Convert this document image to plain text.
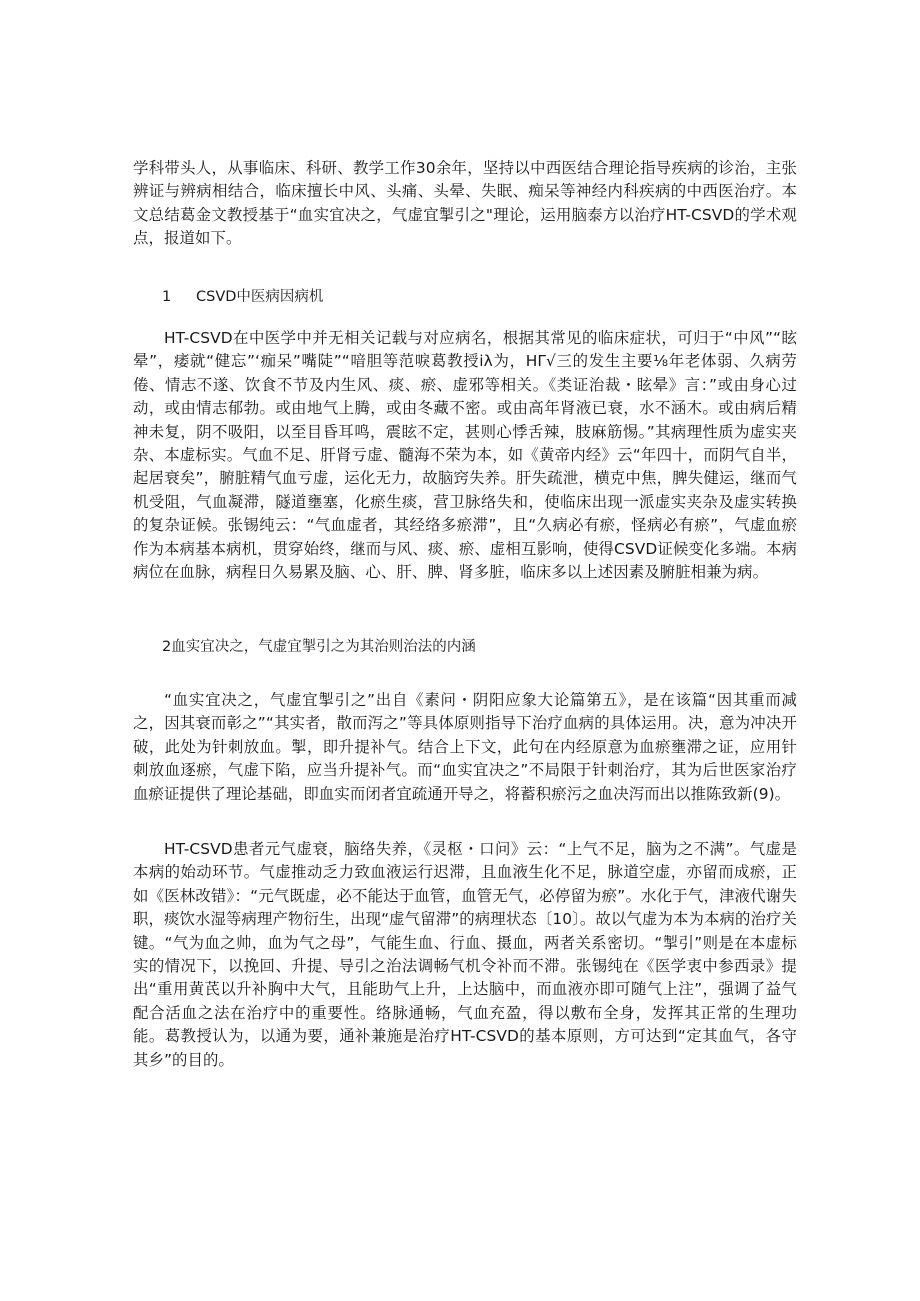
学科带头人，从事临床、科研、教学工作30余年，坚持以中西医结合理论指导疾病的诊治，主张辨证与辨病相结合，临床擅长中风、头痛、头晕、失眠、痴呆等神经内科疾病的中西医治疗。本文总结葛金文教授基于“血实宜决之，气虚宜掣引之"理论，运用脑泰方以治疗HT-CSVD的学术观点，报道如下。

1 CSVD中医病因病机

HT-CSVD在中医学中并无相关记载与对应病名，根据其常见的临床症状，可归于“中风”“眩晕”，痿就“健忘”‘痂呆”嘴陡”“喑胆等范唳葛教授iλ为，HΓ√三的发生主要⅛年老体弱、久病劳倦、情志不遂、饮食不节及内生风、痰、瘀、虚邪等相关。《类证治裁・眩晕》言：”或由身心过动，或由情志郁勃。或由地气上腾，或由冬藏不密。或由高年肾液已衰，水不涵木。或由病后精神未复，阴不吸阳，以至目昏耳鸣，震眩不定，甚则心悸舌辣，肢麻筋惕。”其病理性质为虚实夹杂、本虚标实。气血不足、肝肾亏虚、髓海不荣为本，如《黄帝内经》云“年四十，而阴气自半，起居衰矣”，腑脏精气血亏虚，运化无力，故脑窍失养。肝失疏泄，横克中焦，脾失健运，继而气机受阻，气血凝滞，隧道壅塞，化瘀生痰，营卫脉络失和，使临床出现一派虚实夹杂及虚实转换的复杂证候。张锡纯云：“气血虚者，其经络多瘀滞”，且“久病必有瘀，怪病必有瘀”，气虚血瘀作为本病基本病机，贯穿始终，继而与风、痰、瘀、虚相互影响，使得CSVD证候变化多端。本病病位在血脉，病程日久易累及脑、心、肝、脾、肾多脏，临床多以上述因素及腑脏相兼为病。

2血实宜决之，气虚宜掣引之为其治则治法的内涵

“血实宜决之，气虚宜掣引之”出自《素问・阴阳应象大论篇第五》，是在该篇“因其重而减之，因其衰而彰之”“其实者，散而泻之”等具体原则指导下治疗血病的具体运用。决，意为冲决开破，此处为针刺放血。掣，即升提补气。结合上下文，此句在内经原意为血瘀壅滞之证，应用针刺放血逐瘀，气虚下陷，应当升提补气。而“血实宜决之”不局限于针刺治疗，其为后世医家治疗血瘀证提供了理论基础，即血实而闭者宜疏通开导之，将蓄积瘀污之血决泻而出以推陈致新(9)。

HT-CSVD患者元气虚衰，脑络失养，《灵枢・口问》云：“上气不足，脑为之不满”。气虚是本病的始动环节。气虚推动乏力致血液运行迟滞，且血液生化不足，脉道空虚，亦留而成瘀，正如《医林改错》：“元气既虚，必不能达于血管，血管无气，必停留为瘀”。水化于气，津液代谢失职，痰饮水湿等病理产物衍生，出现“虚气留滞”的病理状态〔10〕。故以气虚为本为本病的治疗关键。“气为血之帅，血为气之母”，气能生血、行血、摄血，两者关系密切。“掣引”则是在本虚标实的情况下，以挽回、升提、导引之治法调畅气机令补而不滞。张锡纯在《医学衷中参西录》提出“重用黄芪以升补胸中大气，且能助气上升，上达脑中，而血液亦即可随气上注”，强调了益气配合活血之法在治疗中的重要性。络脉通畅，气血充盈，得以敷布全身，发挥其正常的生理功能。葛教授认为，以通为要，通补兼施是治疗HT-CSVD的基本原则，方可达到“定其血气，各守其乡”的目的。
